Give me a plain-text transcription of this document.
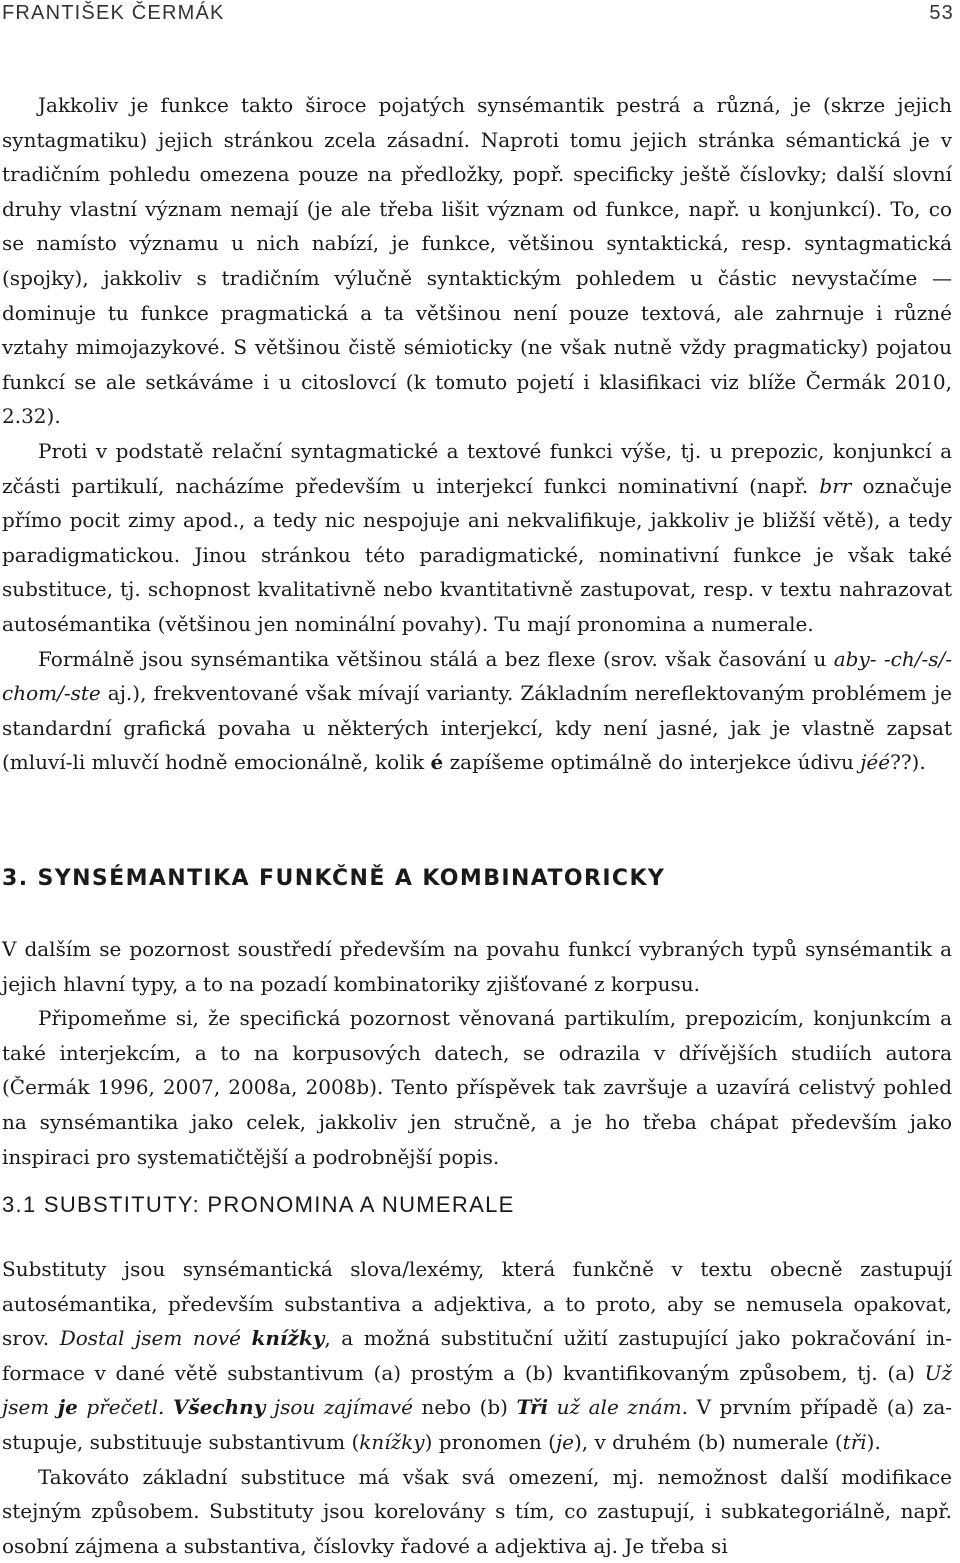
FRANTIŠEK ČERMÁK	53

Jakkoliv je funkce takto široce pojatých synsémantik pestrá a různá, je (skrze jejich syntagmatiku) jejich stránkou zcela zásadní. Naproti tomu jejich stránka sémantická je v tradičním pohledu omezena pouze na předložky, popř. specificky ještě číslovky; další slovní druhy vlastní význam nemají (je ale třeba lišit význam od funkce, např. u konjunkcí). To, co se namísto významu u nich nabízí, je funkce, většinou syntaktická, resp. syntagmatická (spojky), jakkoliv s tradičním výlučně syntaktickým pohledem u částic nevystačíme — dominuje tu funkce pragmatická a ta většinou není pouze textová, ale zahrnuje i různé vztahy mimojazykové. S většinou čistě sémioticky (ne však nutně vždy pragmaticky) pojatou funkcí se ale setkáváme i u citoslovcí (k tomuto pojetí i klasifikaci viz blíže Čermák 2010, 2.32).

Proti v podstatě relační syntagmatické a textové funkci výše, tj. u prepozic, konjunkcí a zčásti partikulí, nacházíme především u interjekcí funkci nominativní (např. brr označuje přímo pocit zimy apod., a tedy nic nespojuje ani nekvalifikuje, jakkoliv je bližší větě), a tedy paradigmatickou. Jinou stránkou této paradigmatické, nominativní funkce je však také substituce, tj. schopnost kvalitativně nebo kvantitativně zastupovat, resp. v textu nahrazovat autosémantika (většinou jen nominální povahy). Tu mají pronomina a numerale.

Formálně jsou synsémantika většinou stálá a bez flexe (srov. však časování u aby- -ch/-s/-chom/-ste aj.), frekventované však mívají varianty. Základním nereflektovaným problémem je standardní grafická povaha u některých interjekcí, kdy není jasné, jak je vlastně zapsat (mluví-li mluvčí hodně emocionálně, kolik é zapíšeme optimálně do interjekce údivu jéé??).

3. SYNSÉMANTIKA FUNKČNĚ A KOMBINATORICKY

V dalším se pozornost soustředí především na povahu funkcí vybraných typů synsémantik a jejich hlavní typy, a to na pozadí kombinatoriky zjišťované z korpusu.

Připomeňme si, že specifická pozornost věnovaná partikulím, prepozicím, konjunkcím a také interjekcím, a to na korpusových datech, se odrazila v dřívějších studiích autora (Čermák 1996, 2007, 2008a, 2008b). Tento příspěvek tak završuje a uzavírá celistvý pohled na synsémantika jako celek, jakkoliv jen stručně, a je ho třeba chápat především jako inspiraci pro systematičtější a podrobnější popis.

3.1 SUBSTITUTY: PRONOMINA A NUMERALE

Substituty jsou synsémantická slova/lexémy, která funkčně v textu obecně zastupují autosémantika, především substantiva a adjektiva, a to proto, aby se nemusela opakovat, srov. Dostal jsem nové knížky, a možná substituční užití zastupující jako pokračování informace v dané větě substantivum (a) prostým a (b) kvantifikovaným způsobem, tj. (a) Už jsem je přečetl. Všechny jsou zajímavé nebo (b) Tři už ale znám. V prvním případě (a) zastupuje, substituuje substantivum (knížky) pronomen (je), v druhém (b) numerale (tři).

Takováto základní substituce má však svá omezení, mj. nemožnost další modifikace stejným způsobem. Substituty jsou korelovány s tím, co zastupují, i subkategoriálně, např. osobní zájmena a substantiva, číslovky řadové a adjektiva aj. Je třeba si
